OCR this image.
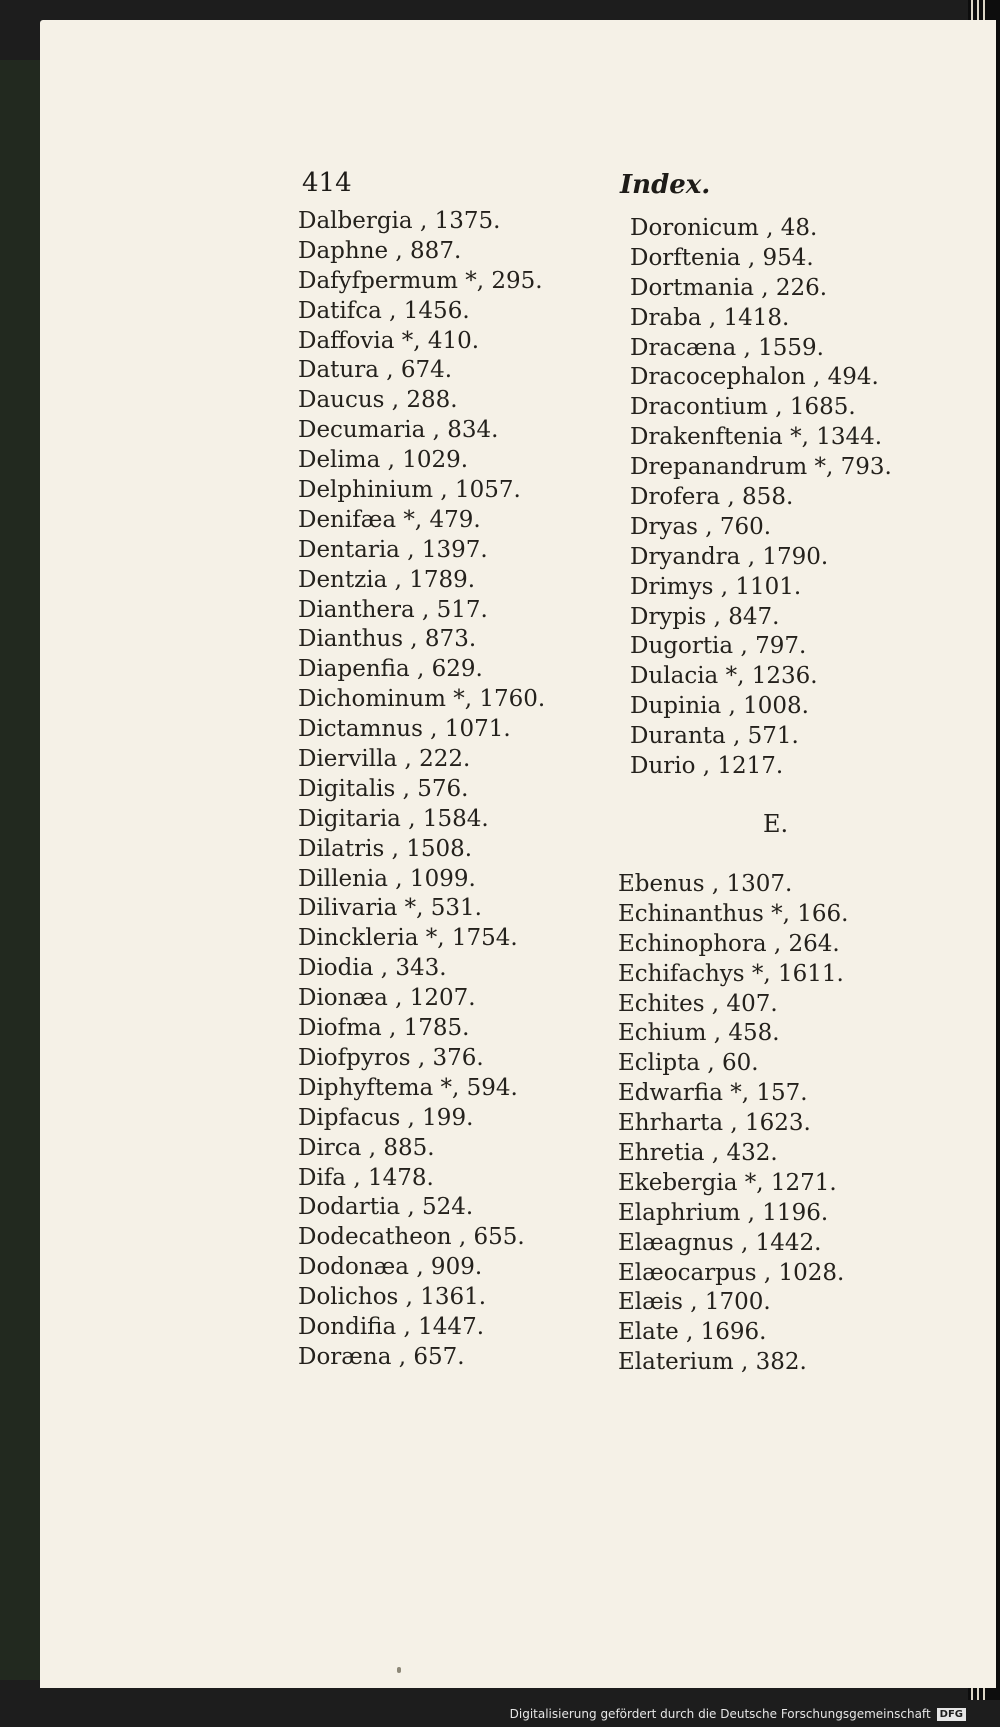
414	Index.
Dalbergia , 1375.
Daphne , 887.
Dafyfpermum *, 295.
Datifca , 1456.
Daffovia *, 410.
Datura , 674.
Daucus , 288.
Decumaria , 834.
Delima , 1029.
Delphinium , 1057.
Denifæa *, 479.
Dentaria , 1397.
Dentzia , 1789.
Dianthera , 517.
Dianthus , 873.
Diapenfia , 629.
Dichominum *, 1760.
Dictamnus , 1071.
Diervilla , 222.
Digitalis , 576.
Digitaria , 1584.
Dilatris , 1508.
Dillenia , 1099.
Dilivaria *, 531.
Dinckleria *, 1754.
Diodia , 343.
Dionæa , 1207.
Diofma , 1785.
Diofpyros , 376.
Diphyftema *, 594.
Dipfacus , 199.
Dirca , 885.
Difa , 1478.
Dodartia , 524.
Dodecatheon , 655.
Dodonæa , 909.
Dolichos , 1361.
Dondifia , 1447.
Doræna , 657.
Doronicum , 48.
Dorftenia , 954.
Dortmania , 226.
Draba , 1418.
Dracæna , 1559.
Dracocephalon , 494.
Dracontium , 1685.
Drakenftenia *, 1344.
Drepanandrum *, 793.
Drofera , 858.
Dryas , 760.
Dryandra , 1790.
Drimys , 1101.
Drypis , 847.
Dugortia , 797.
Dulacia *, 1236.
Dupinia , 1008.
Duranta , 571.
Durio , 1217.
E.
Ebenus , 1307.
Echinanthus *, 166.
Echinophora , 264.
Echifachys *, 1611.
Echites , 407.
Echium , 458.
Eclipta , 60.
Edwarfia *, 157.
Ehrharta , 1623.
Ehretia , 432.
Ekebergia *, 1271.
Elaphrium , 1196.
Elæagnus , 1442.
Elæocarpus , 1028.
Elæis , 1700.
Elate , 1696.
Elaterium , 382.
Digitalisierung gefördert durch die Deutsche Forschungsgemeinschaft DFG
